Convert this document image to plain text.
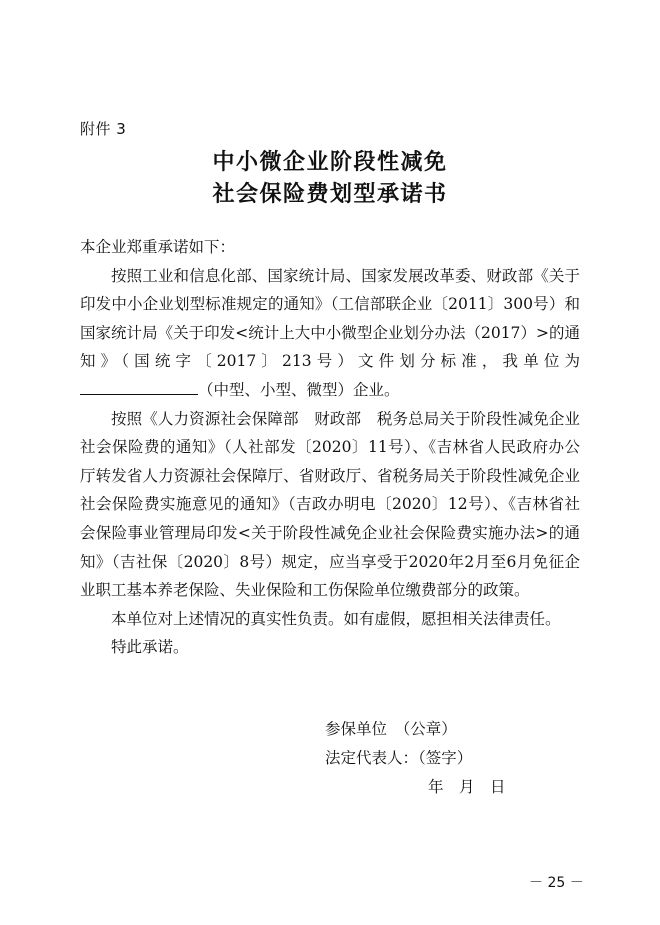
附件 3
中小微企业阶段性减免
社会保险费划型承诺书

本企业郑重承诺如下：

按照工业和信息化部、国家统计局、国家发展改革委、财政部《关于印发中小企业划型标准规定的通知》（工信部联企业〔2011〕300号）和国家统计局《关于印发<统计上大中小微型企业划分办法（2017）>的通知》（国统字〔2017〕213号）文件划分标准，我单位为（中型、小型、微型）企业。

按照《人力资源社会保障部　财政部　税务总局关于阶段性减免企业社会保险费的通知》（人社部发〔2020〕11号）、《吉林省人民政府办公厅转发省人力资源社会保障厅、省财政厅、省税务局关于阶段性减免企业社会保险费实施意见的通知》（吉政办明电〔2020〕12号）、《吉林省社会保险事业管理局印发<关于阶段性减免企业社会保险费实施办法>的通知》（吉社保〔2020〕8号）规定，应当享受于2020年2月至6月免征企业职工基本养老保险、失业保险和工伤保险单位缴费部分的政策。

本单位对上述情况的真实性负责。如有虚假，愿担相关法律责任。

特此承诺。

参保单位　（公章）
法定代表人：（签字）
年　月　日
－ 25 －
